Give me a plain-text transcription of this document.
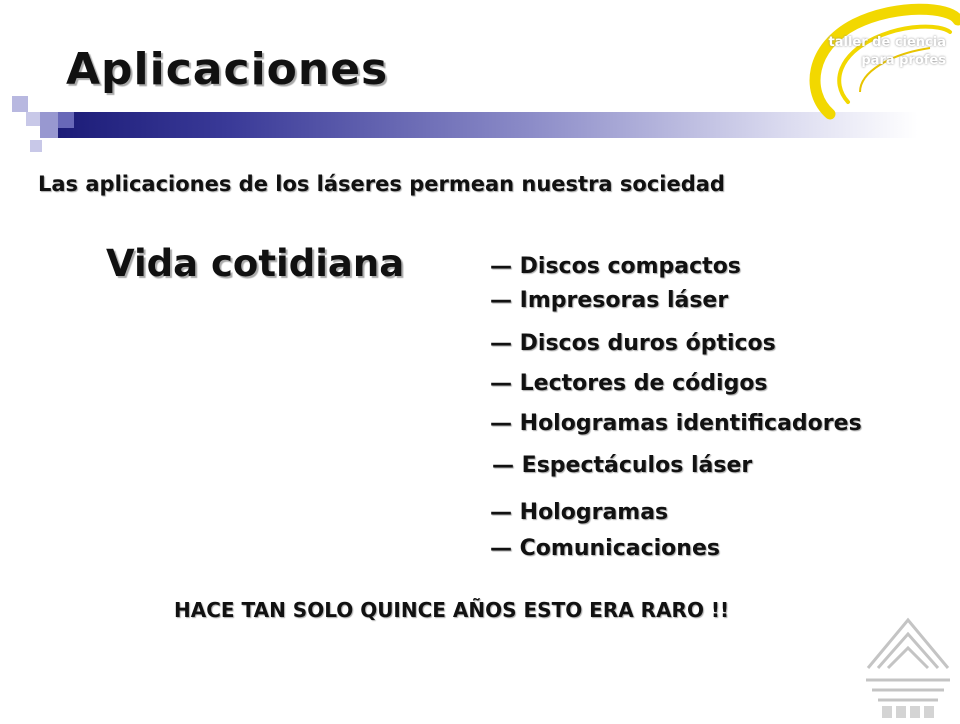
Aplicaciones
taller de ciencia
para profes

Las aplicaciones de los láseres permean nuestra sociedad

Vida cotidiana	— Discos compactos

— Impresoras láser

— Discos duros ópticos

— Lectores de códigos

— Hologramas identificadores

— Espectáculos láser

— Hologramas

— Comunicaciones

HACE TAN SOLO QUINCE AÑOS ESTO ERA RARO !!
